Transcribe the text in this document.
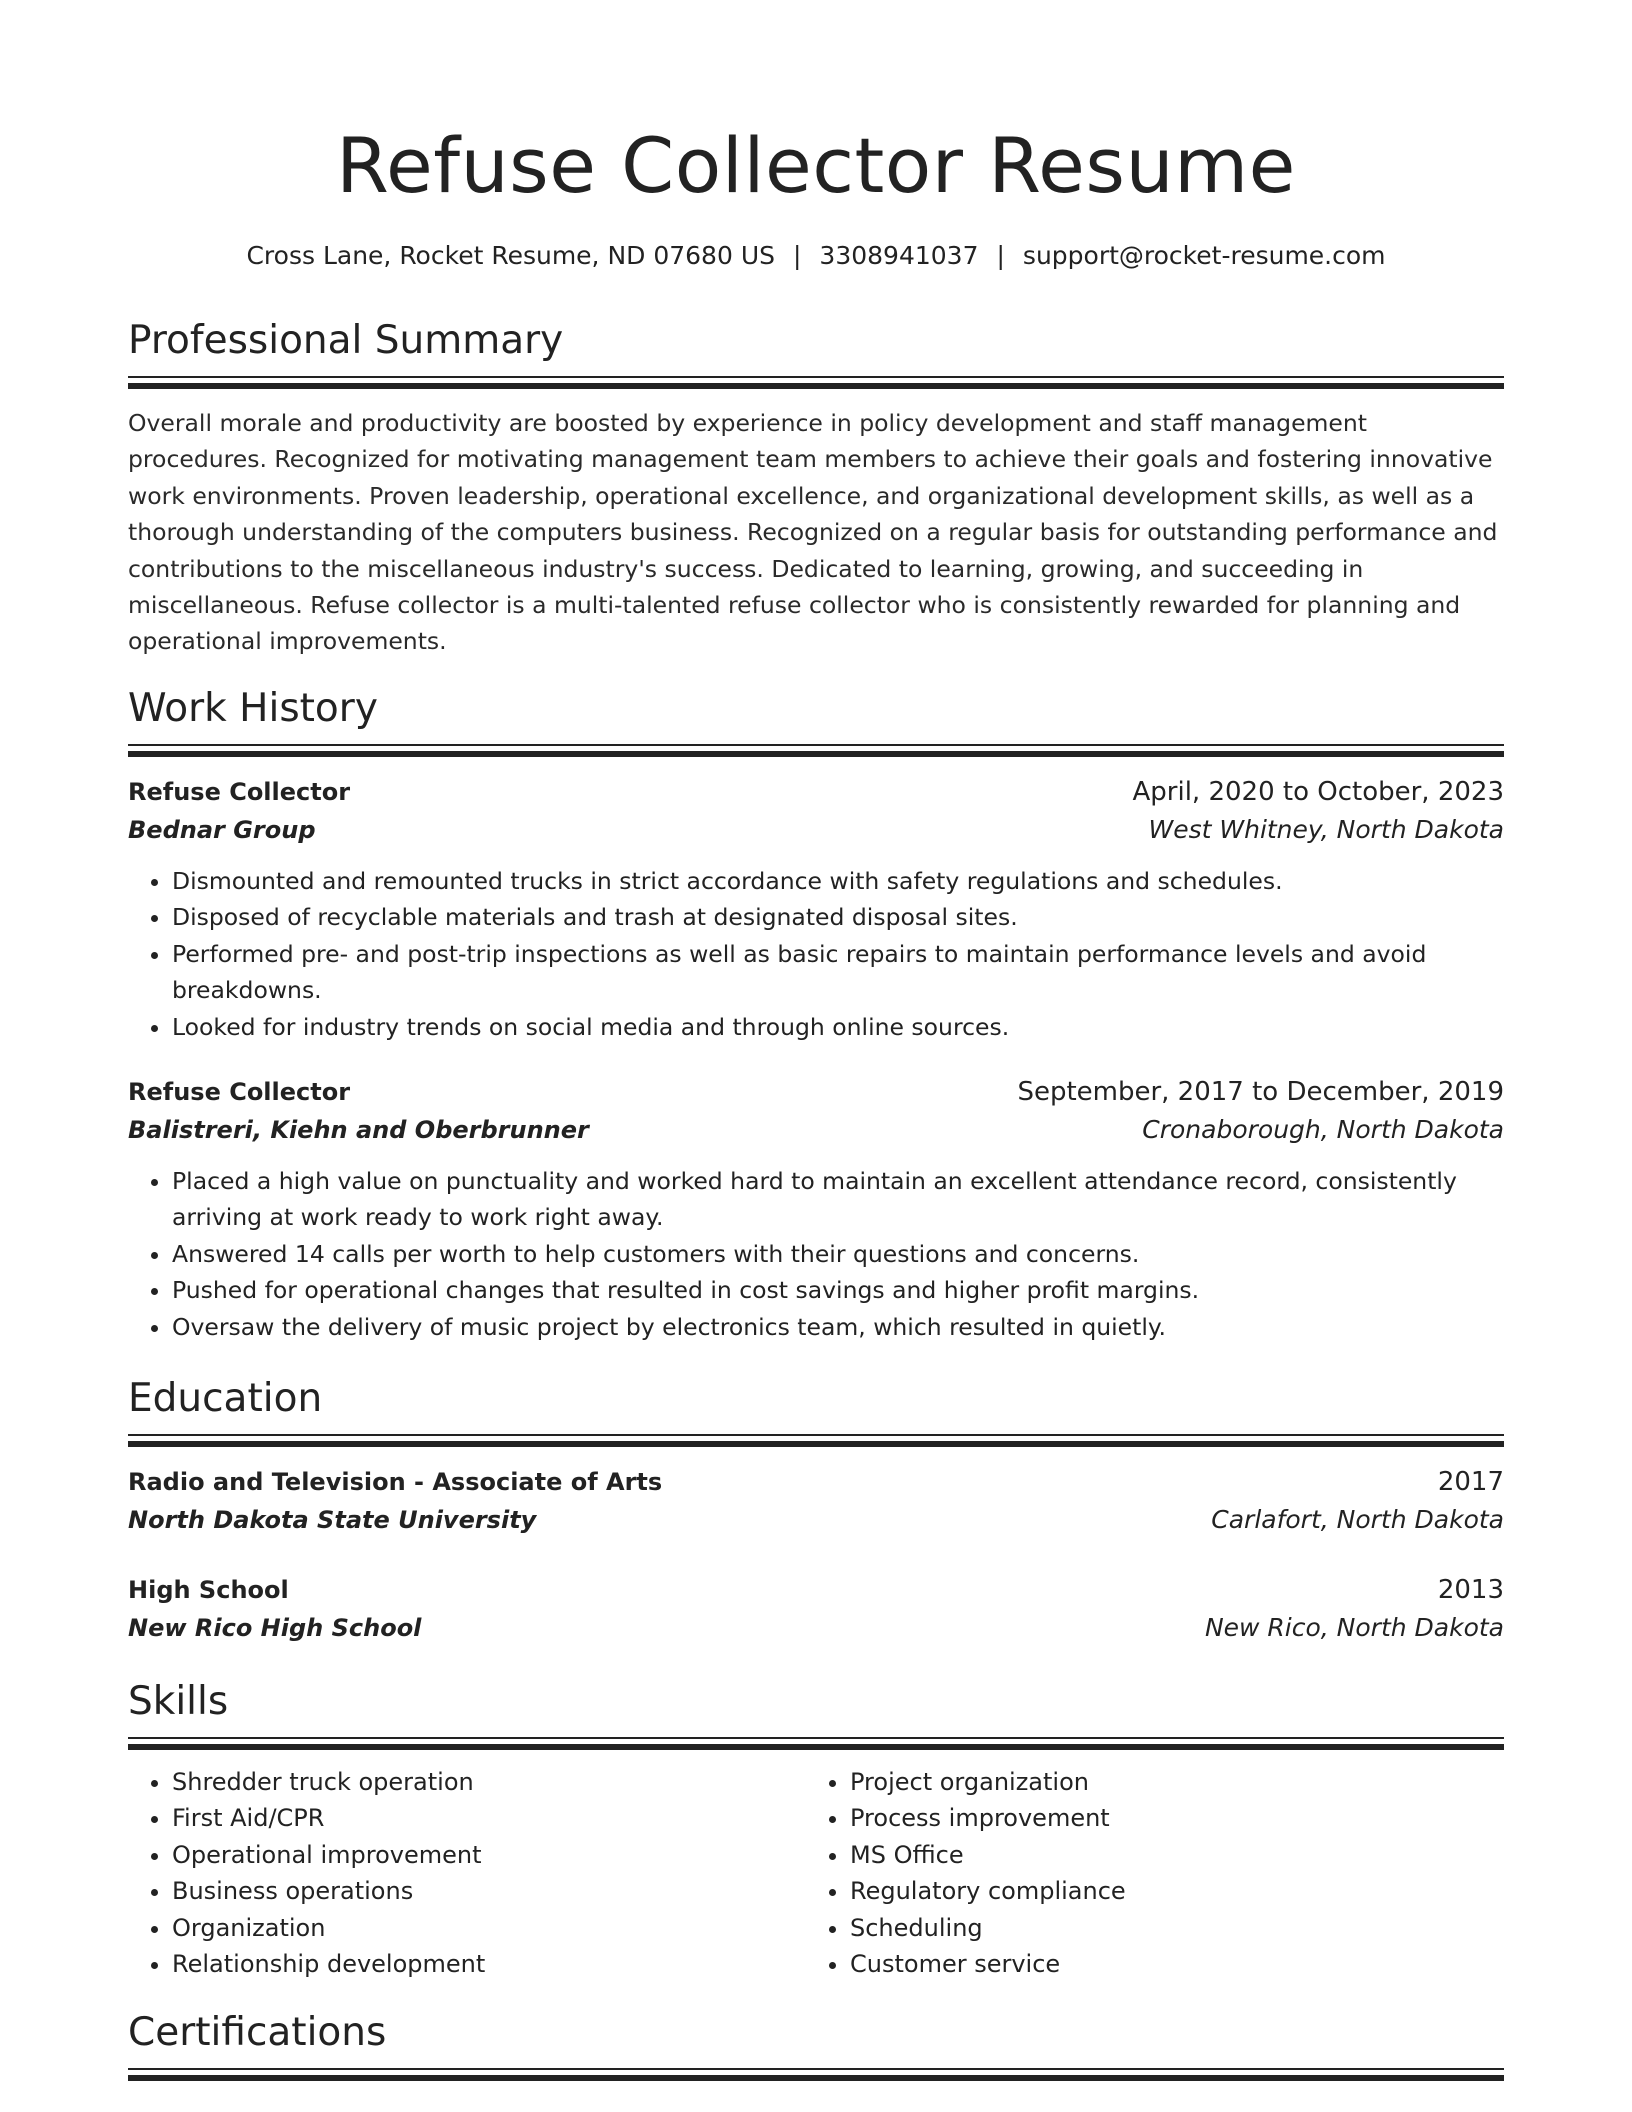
Refuse Collector Resume
Cross Lane, Rocket Resume, ND 07680 US | 3308941037 | support@rocket-resume.com
Professional Summary
Overall morale and productivity are boosted by experience in policy development and staff management procedures. Recognized for motivating management team members to achieve their goals and fostering innovative work environments. Proven leadership, operational excellence, and organizational development skills, as well as a thorough understanding of the computers business. Recognized on a regular basis for outstanding performance and contributions to the miscellaneous industry's success. Dedicated to learning, growing, and succeeding in miscellaneous. Refuse collector is a multi-talented refuse collector who is consistently rewarded for planning and operational improvements.
Work History
Refuse Collector	April, 2020 to October, 2023
Bednar Group	West Whitney, North Dakota
• Dismounted and remounted trucks in strict accordance with safety regulations and schedules.
• Disposed of recyclable materials and trash at designated disposal sites.
• Performed pre- and post-trip inspections as well as basic repairs to maintain performance levels and avoid breakdowns.
• Looked for industry trends on social media and through online sources.
Refuse Collector	September, 2017 to December, 2019
Balistreri, Kiehn and Oberbrunner	Cronaborough, North Dakota
• Placed a high value on punctuality and worked hard to maintain an excellent attendance record, consistently arriving at work ready to work right away.
• Answered 14 calls per worth to help customers with their questions and concerns.
• Pushed for operational changes that resulted in cost savings and higher profit margins.
• Oversaw the delivery of music project by electronics team, which resulted in quietly.
Education
Radio and Television - Associate of Arts	2017
North Dakota State University	Carlafort, North Dakota
High School	2013
New Rico High School	New Rico, North Dakota
Skills
• Shredder truck operation
• First Aid/CPR
• Operational improvement
• Business operations
• Organization
• Relationship development
• Project organization
• Process improvement
• MS Office
• Regulatory compliance
• Scheduling
• Customer service
Certifications
